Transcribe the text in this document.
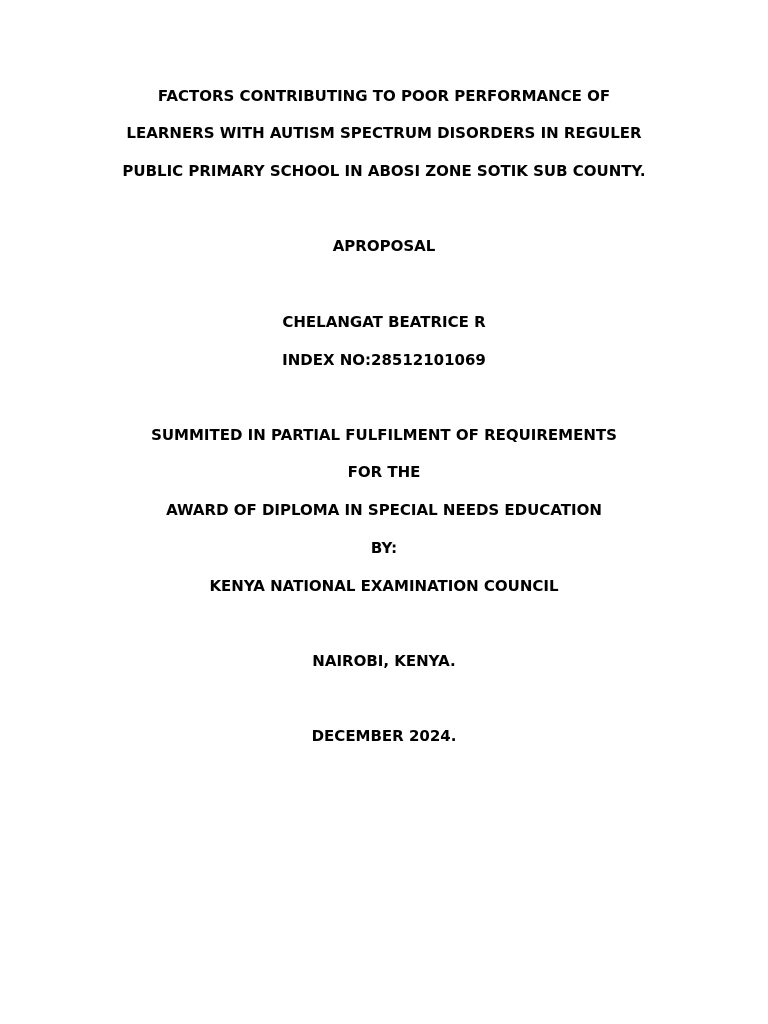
FACTORS CONTRIBUTING TO POOR PERFORMANCE OF
LEARNERS WITH AUTISM SPECTRUM DISORDERS IN REGULER
PUBLIC PRIMARY SCHOOL IN ABOSI ZONE SOTIK SUB COUNTY.
APROPOSAL
CHELANGAT BEATRICE R
INDEX NO:28512101069
SUMMITED IN PARTIAL FULFILMENT OF REQUIREMENTS
FOR THE
AWARD OF DIPLOMA IN SPECIAL NEEDS EDUCATION
BY:
KENYA NATIONAL EXAMINATION COUNCIL
NAIROBI, KENYA.
DECEMBER 2024.
